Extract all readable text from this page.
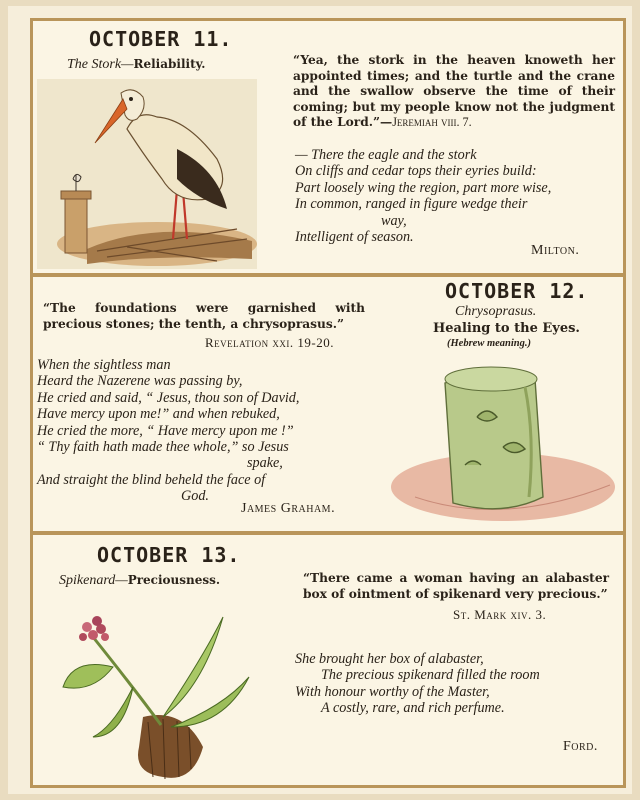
OCTOBER 11.
The Stork—Reliability.	“Yea, the stork in the heaven knoweth her appointed times; and the turtle and the crane and the swallow observe the time of their coming; but my people know not the judgment of the Lord.”—Jeremiah viii. 7.
— There the eagle and the stork
On cliffs and cedar tops their eyries build:
Part loosely wing the region, part more wise,
In common, ranged in figure wedge their
way,
Intelligent of season.
Milton.
“The foundations were garnished with precious stones; the tenth, a chrysoprasus.”
Revelation xxi. 19-20.
When the sightless man
Heard the Nazerene was passing by,
He cried and said, “ Jesus, thou son of David,
Have mercy upon me!” and when rebuked,
He cried the more, “ Have mercy upon me !”
“ Thy faith hath made thee whole,” so Jesus
spake,
And straight the blind beheld the face of
God.
James Graham.
OCTOBER 12.
Chrysoprasus.
Healing to the Eyes.
(Hebrew meaning.)
OCTOBER 13.
Spikenard—Preciousness.	“There came a woman having an alabaster box of ointment of spikenard very precious.”
St. Mark xiv. 3.
She brought her box of alabaster,
The precious spikenard filled the room
With honour worthy of the Master,
A costly, rare, and rich perfume.
Ford.
